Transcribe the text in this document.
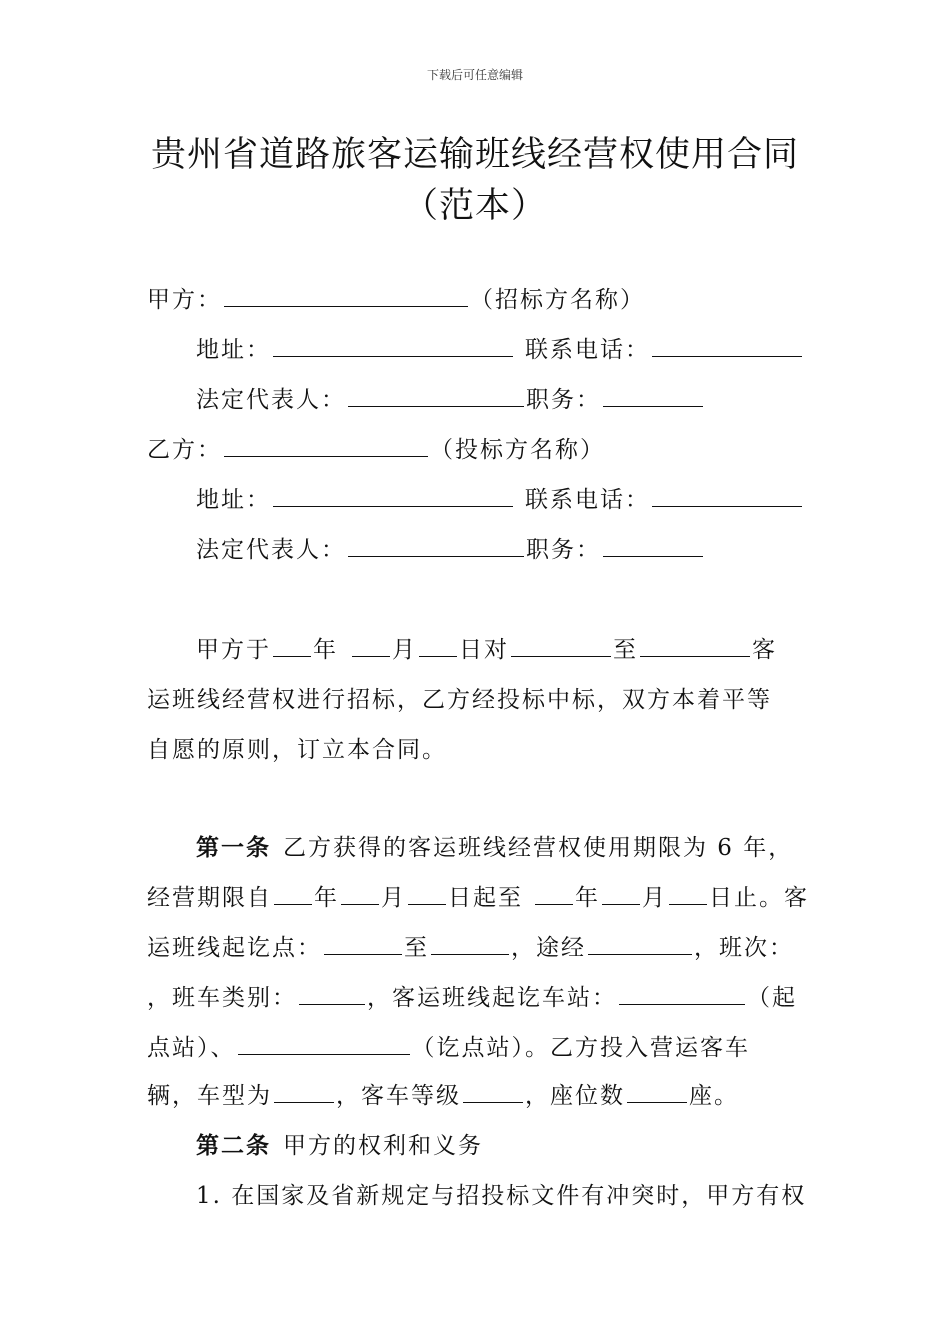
下载后可任意编辑
贵州省道路旅客运输班线经营权使用合同
（范本）
甲方：	（招标方名称）
地址：	联系电话：
法定代表人：	职务：
乙方：	（投标方名称）
地址：	联系电话：
法定代表人：	职务：
甲方于 年 月 日对	至	客
运班线经营权进行招标，乙方经投标中标，双方本着平等
自愿的原则，订立本合同。
第一条 乙方获得的客运班线经营权使用期限为 6 年，
经营期限自 年 月 日起至 年 月 日止。客
运班线起讫点：	至	，途经	，班次：
，班车类别：	，客运班线起讫车站：	（起
点站）、	（讫点站）。乙方投入营运客车
辆，车型为	，客车等级	，座位数	座。
第二条 甲方的权利和义务
1. 在国家及省新规定与招投标文件有冲突时，甲方有权
